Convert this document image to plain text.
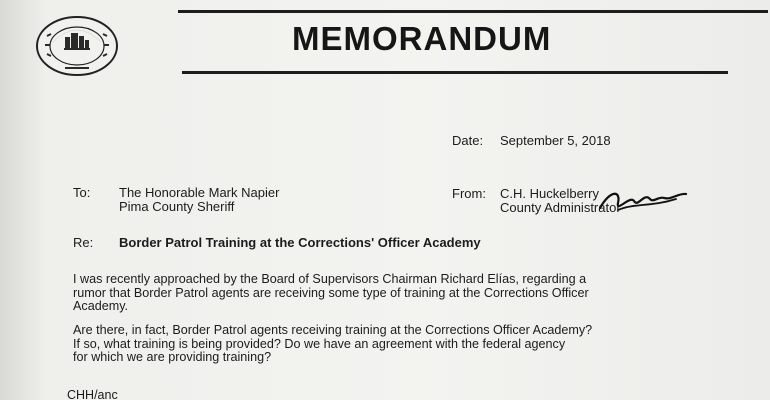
MEMORANDUM
Date: September 5, 2018
To: The Honorable Mark Napier
Pima County Sheriff
From: C.H. Huckelberry
County Administrator
Re: Border Patrol Training at the Corrections' Officer Academy
I was recently approached by the Board of Supervisors Chairman Richard Elías, regarding a
rumor that Border Patrol agents are receiving some type of training at the Corrections Officer
Academy.
Are there, in fact, Border Patrol agents receiving training at the Corrections Officer Academy?
If so, what training is being provided? Do we have an agreement with the federal agency
for which we are providing training?
CHH/anc
